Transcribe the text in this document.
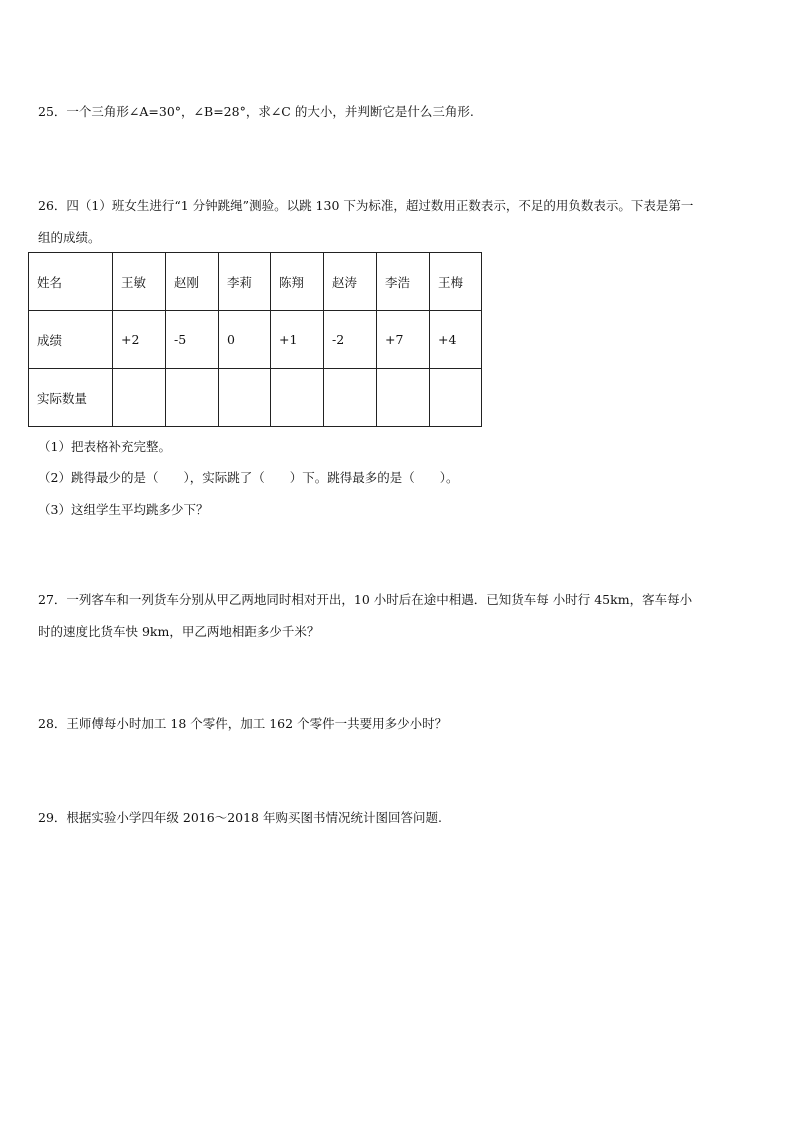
25．一个三角形∠A=30°，∠B=28°，求∠C 的大小，并判断它是什么三角形.
26．四（1）班女生进行“1 分钟跳绳”测验。以跳 130 下为标准，超过数用正数表示，不足的用负数表示。下表是第一
组的成绩。
姓名	王敏	赵刚	李莉	陈翔	赵涛	李浩	王梅
成绩	+2	-5	0	+1	-2	+7	+4
实际数量							
（1）把表格补充完整。
（2）跳得最少的是（　　），实际跳了（　　）下。跳得最多的是（　　）。
（3）这组学生平均跳多少下？
27．一列客车和一列货车分别从甲乙两地同时相对开出，10 小时后在途中相遇．已知货车每 小时行 45km，客车每小
时的速度比货车快 9km，甲乙两地相距多少千米？
28．王师傅每小时加工 18 个零件，加工 162 个零件一共要用多少小时？
29．根据实验小学四年级 2016～2018 年购买图书情况统计图回答问题.
